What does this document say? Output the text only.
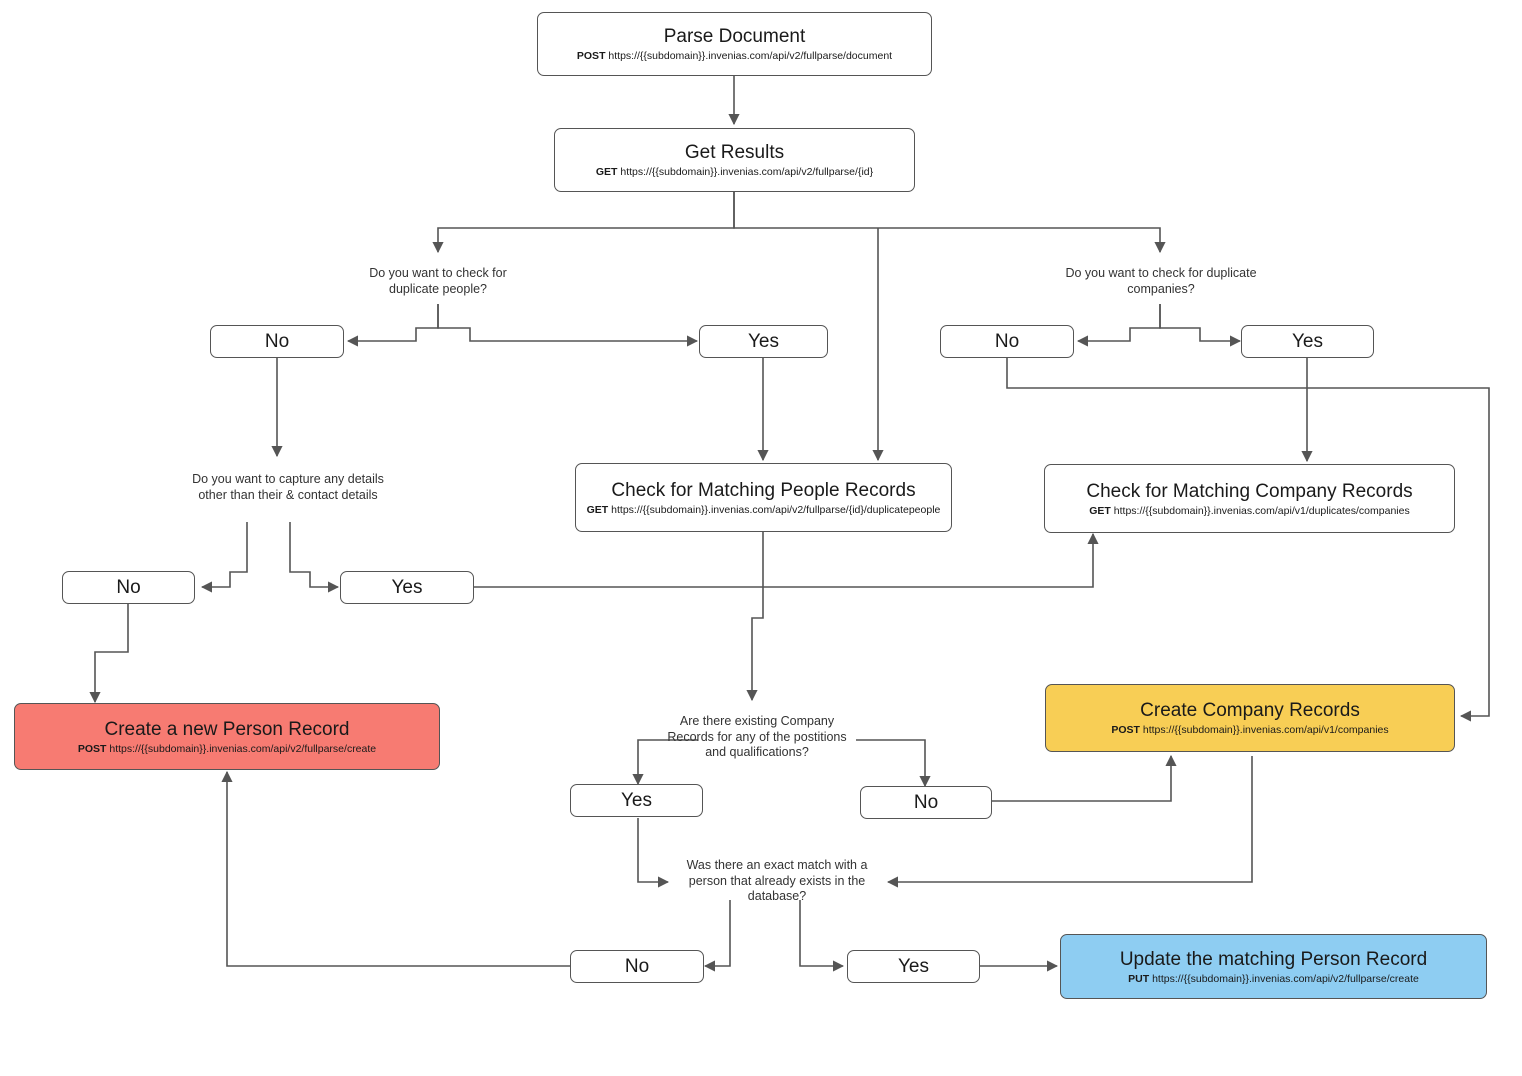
Parse Document
POST https://{{subdomain}}.invenias.com/api/v2/fullparse/document
Get Results
GET https://{{subdomain}}.invenias.com/api/v2/fullparse/{id}
Check for Matching People Records
GET https://{{subdomain}}.invenias.com/api/v2/fullparse/{id}/duplicatepeople
Check for Matching Company Records
GET https://{{subdomain}}.invenias.com/api/v1/duplicates/companies
Create a new Person Record
POST https://{{subdomain}}.invenias.com/api/v2/fullparse/create
Create Company Records
POST https://{{subdomain}}.invenias.com/api/v1/companies
Update the matching Person Record
PUT https://{{subdomain}}.invenias.com/api/v2/fullparse/create
Do you want to check for duplicate people?
Do you want to check for duplicate companies?
Do you want to capture any details other than their & contact details
Are there existing Company Records for any of the postitions and qualifications?
Was there an exact match with a person that already exists in the database?
No	Yes	No	Yes
No	Yes
Yes	No
No	Yes
